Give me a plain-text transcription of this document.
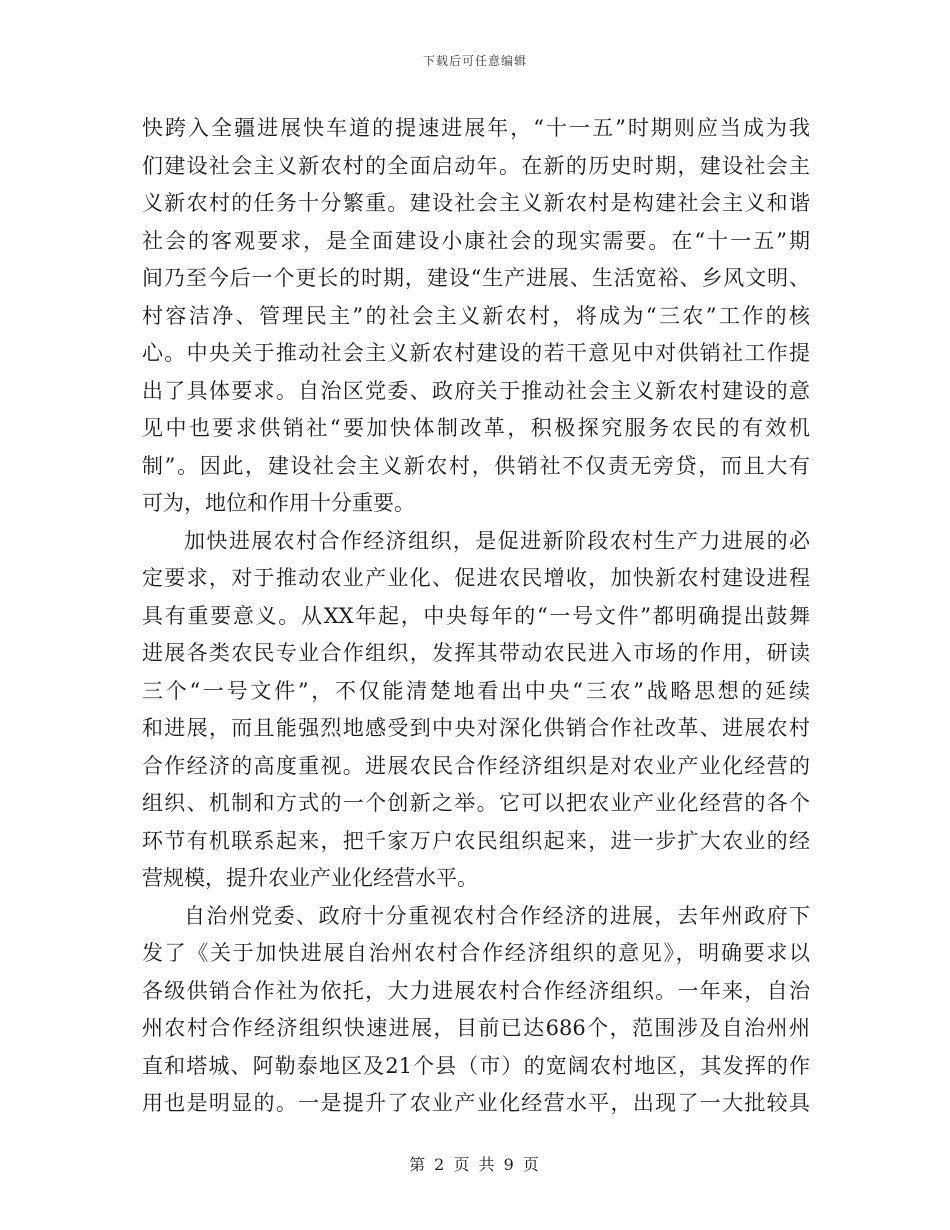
下载后可任意编辑
快跨入全疆进展快车道的提速进展年，“十一五”时期则应当成为我
们建设社会主义新农村的全面启动年。在新的历史时期，建设社会主
义新农村的任务十分繁重。建设社会主义新农村是构建社会主义和谐
社会的客观要求，是全面建设小康社会的现实需要。在“十一五”期
间乃至今后一个更长的时期，建设“生产进展、生活宽裕、乡风文明、
村容洁净、管理民主”的社会主义新农村，将成为“三农”工作的核
心。中央关于推动社会主义新农村建设的若干意见中对供销社工作提
出了具体要求。自治区党委、政府关于推动社会主义新农村建设的意
见中也要求供销社“要加快体制改革，积极探究服务农民的有效机
制”。因此，建设社会主义新农村，供销社不仅责无旁贷，而且大有
可为，地位和作用十分重要。
加快进展农村合作经济组织，是促进新阶段农村生产力进展的必
定要求，对于推动农业产业化、促进农民增收，加快新农村建设进程
具有重要意义。从XX年起，中央每年的“一号文件”都明确提出鼓舞
进展各类农民专业合作组织，发挥其带动农民进入市场的作用，研读
三个“一号文件”，不仅能清楚地看出中央“三农”战略思想的延续
和进展，而且能强烈地感受到中央对深化供销合作社改革、进展农村
合作经济的高度重视。进展农民合作经济组织是对农业产业化经营的
组织、机制和方式的一个创新之举。它可以把农业产业化经营的各个
环节有机联系起来，把千家万户农民组织起来，进一步扩大农业的经
营规模，提升农业产业化经营水平。
自治州党委、政府十分重视农村合作经济的进展，去年州政府下
发了《关于加快进展自治州农村合作经济组织的意见》，明确要求以
各级供销合作社为依托，大力进展农村合作经济组织。一年来，自治
州农村合作经济组织快速进展，目前已达686个，范围涉及自治州州
直和塔城、阿勒泰地区及21个县（市）的宽阔农村地区，其发挥的作
用也是明显的。一是提升了农业产业化经营水平，出现了一大批较具
第 2 页 共 9 页
